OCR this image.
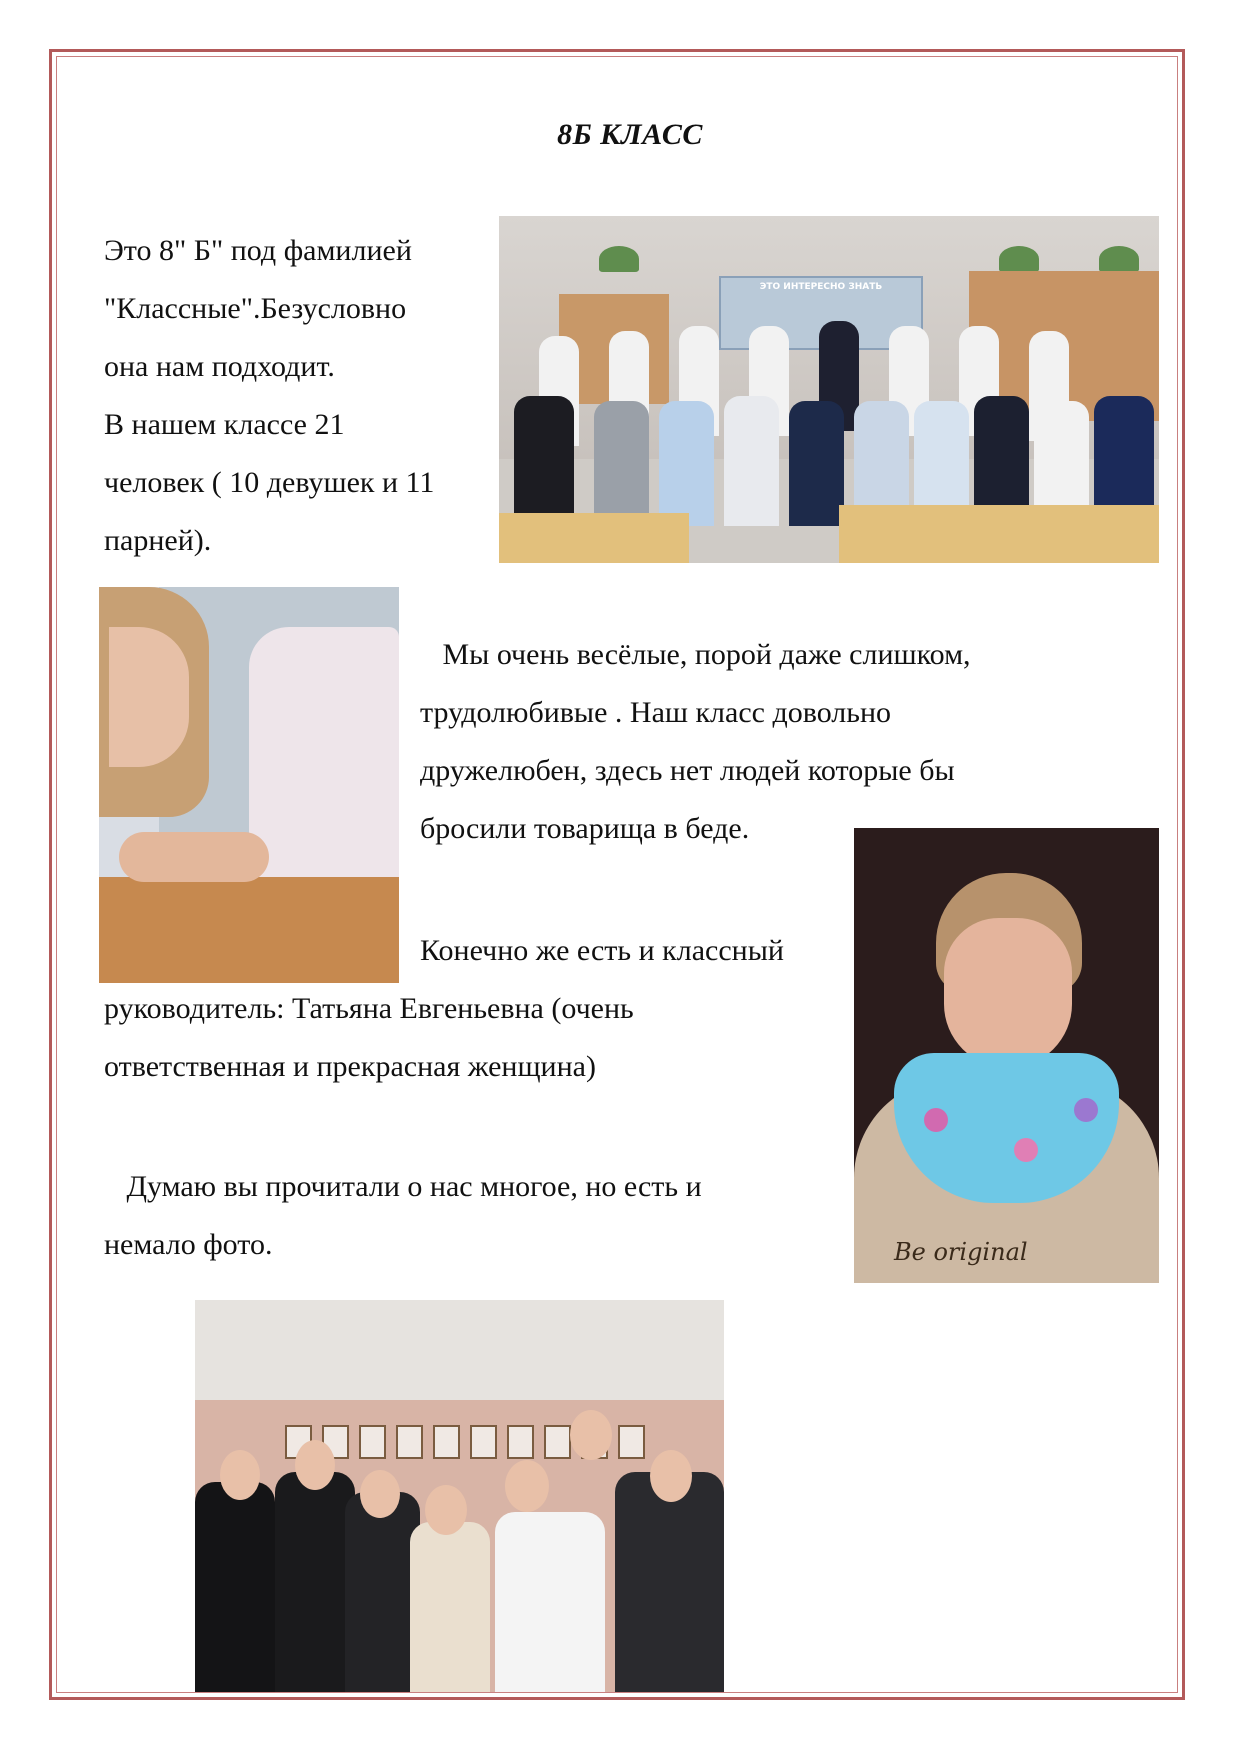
8Б КЛАСС

Это 8" Б" под фамилией
"Классные".Безусловно
она нам подходит.
В нашем классе 21
человек ( 10 девушек и 11
парней).

ЭТО ИНТЕРЕСНО ЗНАТЬ

Мы очень весёлые, порой даже слишком,
трудолюбивые . Наш класс довольно
дружелюбен, здесь нет людей которые бы
бросили товарища в беде.

Конечно же есть и классный

руководитель: Татьяна Евгеньевна (очень
ответственная и прекрасная женщина)

Be original

Думаю вы прочитали о нас многое, но есть и
немало фото.
